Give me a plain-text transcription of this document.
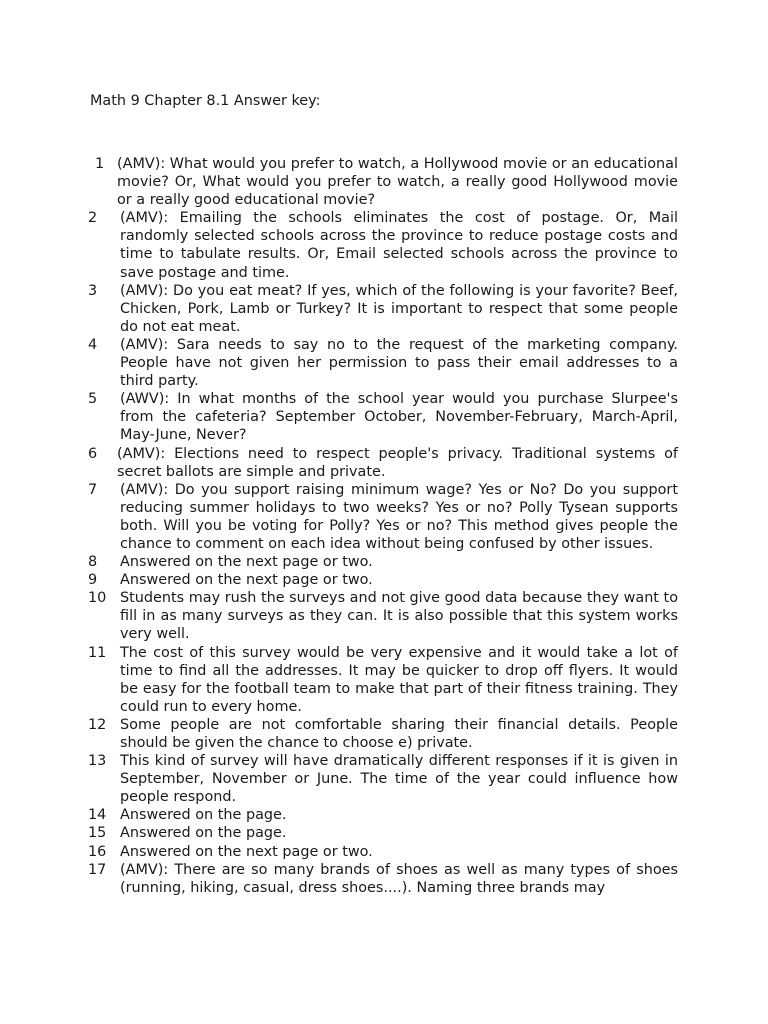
Math 9 Chapter 8.1 Answer key:
1 (AMV): What would you prefer to watch, a Hollywood movie or an educational movie? Or, What would you prefer to watch, a really good Hollywood movie or a really good educational movie?
2	(AMV): Emailing the schools eliminates the cost of postage. Or, Mail randomly selected schools across the province to reduce postage costs and time to tabulate results. Or, Email selected schools across the province to save postage and time.
3	(AMV): Do you eat meat? If yes, which of the following is your favorite? Beef, Chicken, Pork, Lamb or Turkey? It is important to respect that some people do not eat meat.
4	(AMV): Sara needs to say no to the request of the marketing company. People have not given her permission to pass their email addresses to a third party.
5	(AWV): In what months of the school year would you purchase Slurpee's from the cafeteria? September October, November-February, March-April, May-June, Never?
6	(AMV): Elections need to respect people's privacy. Traditional systems of secret ballots are simple and private.
7	(AMV): Do you support raising minimum wage? Yes or No? Do you support reducing summer holidays to two weeks? Yes or no? Polly Tysean supports both. Will you be voting for Polly? Yes or no? This method gives people the chance to comment on each idea without being confused by other issues.
8	Answered on the next page or two.
9	Answered on the next page or two.
10 Students may rush the surveys and not give good data because they want to fill in as many surveys as they can. It is also possible that this system works very well.
11 The cost of this survey would be very expensive and it would take a lot of time to find all the addresses. It may be quicker to drop off flyers. It would be easy for the football team to make that part of their fitness training. They could run to every home.
12 Some people are not comfortable sharing their financial details. People should be given the chance to choose e) private.
13 This kind of survey will have dramatically different responses if it is given in September, November or June. The time of the year could influence how people respond.
14 Answered on the page.
15 Answered on the page.
16 Answered on the next page or two.
17 (AMV): There are so many brands of shoes as well as many types of shoes (running, hiking, casual, dress shoes....). Naming three brands may
